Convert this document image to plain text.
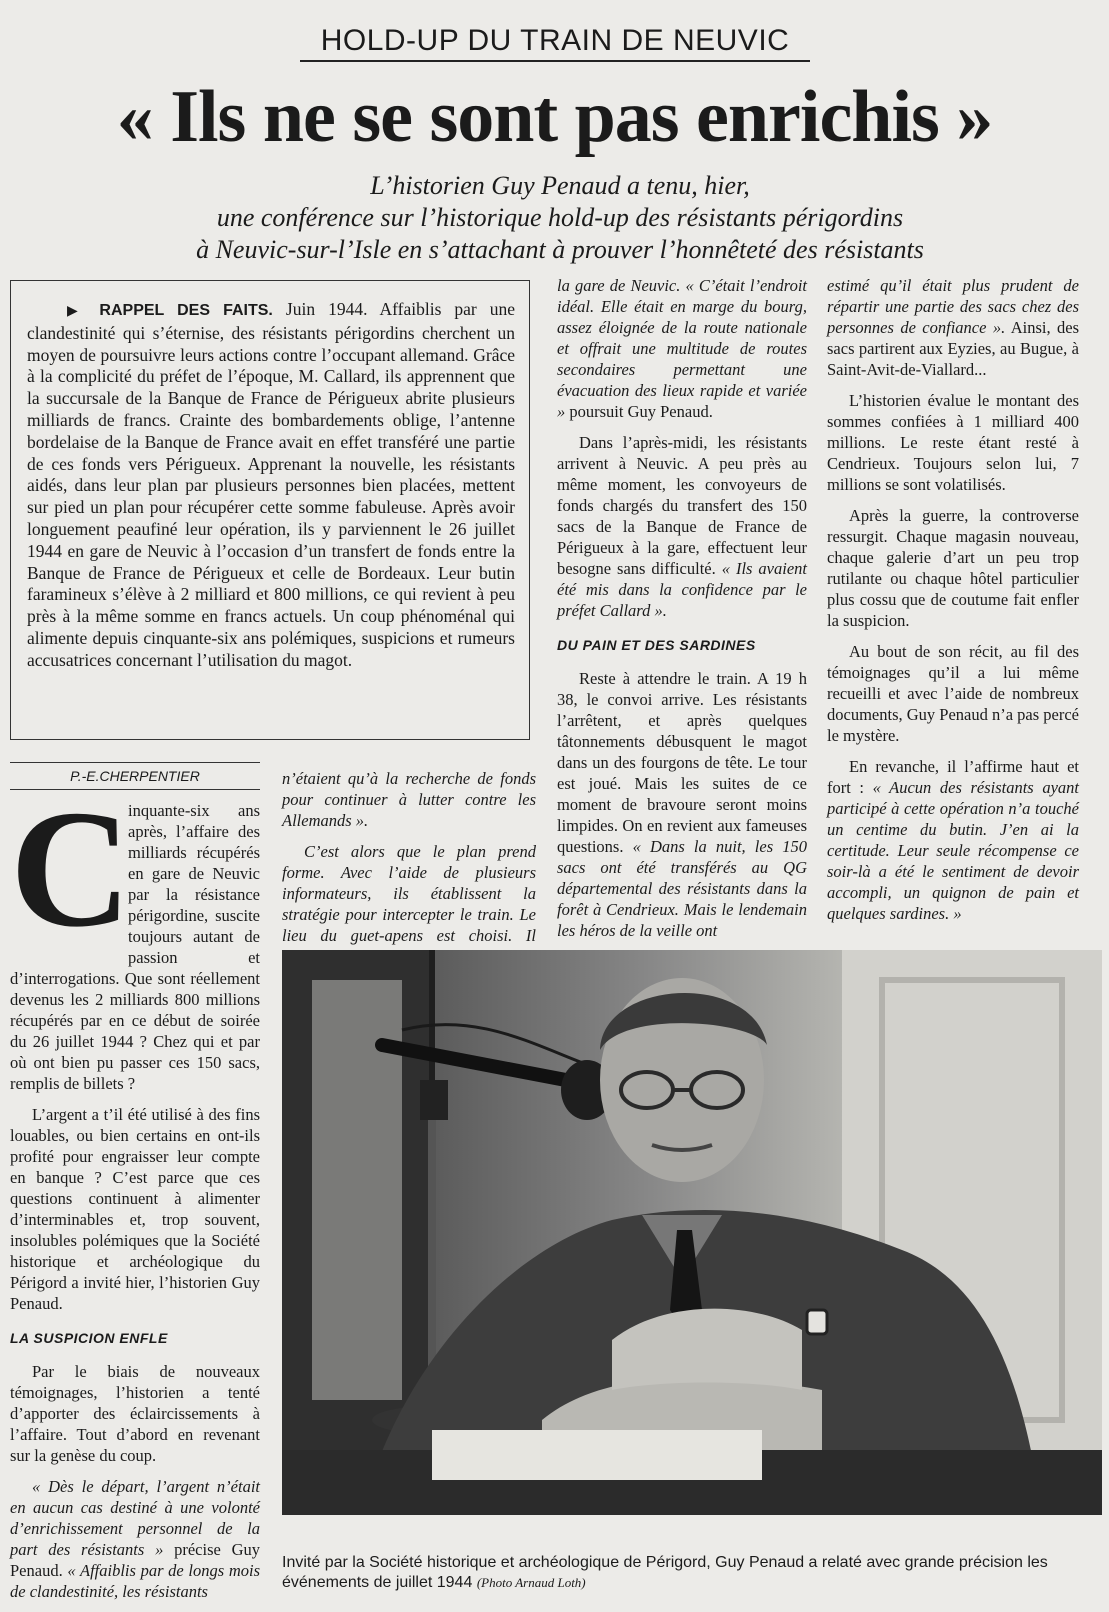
HOLD-UP DU TRAIN DE NEUVIC
« Ils ne se sont pas enrichis »
L’historien Guy Penaud a tenu, hier,
une conférence sur l’historique hold-up des résistants périgordins
à Neuvic-sur-l’Isle en s’attachant à prouver l’honnêteté des résistants
▶ RAPPEL DES FAITS. Juin 1944. Affaiblis par une clandestinité qui s’éternise, des résistants périgordins cherchent un moyen de poursuivre leurs actions contre l’occupant allemand. Grâce à la complicité du préfet de l’époque, M. Callard, ils apprennent que la succursale de la Banque de France de Périgueux abrite plusieurs milliards de francs. Crainte des bombardements oblige, l’antenne bordelaise de la Banque de France avait en effet transféré une partie de ces fonds vers Périgueux. Apprenant la nouvelle, les résistants aidés, dans leur plan par plusieurs personnes bien placées, mettent sur pied un plan pour récupérer cette somme fabuleuse. Après avoir longuement peaufiné leur opération, ils y parviennent le 26 juillet 1944 en gare de Neuvic à l’occasion d’un transfert de fonds entre la Banque de France de Périgueux et celle de Bordeaux. Leur butin faramineux s’élève à 2 milliard et 800 millions, ce qui revient à peu près à la même somme en francs actuels. Un coup phénoménal qui alimente depuis cinquante-six ans polémiques, suspicions et rumeurs accusatrices concernant l’utilisation du magot.
P.-E.CHERPENTIER
C

inquante-six ans après, l’affaire des milliards récupérés en gare de Neuvic par la résistance périgordine, suscite toujours autant de passion et d’interrogations. Que sont réellement devenus les 2 milliards 800 millions récupérés par en ce début de soirée du 26 juillet 1944 ? Chez qui et par où ont bien pu passer ces 150 sacs, remplis de billets ?

L’argent a t’il été utilisé à des fins louables, ou bien certains en ont-ils profité pour engraisser leur compte en banque ? C’est parce que ces questions continuent à alimenter d’interminables et, trop souvent, insolubles polémiques que la Société historique et archéologique du Périgord a invité hier, l’historien Guy Penaud.

LA SUSPICION ENFLE

Par le biais de nouveaux témoignages, l’historien a tenté d’apporter des éclaircissements à l’affaire. Tout d’abord en revenant sur la genèse du coup.

« Dès le départ, l’argent n’était en aucun cas destiné à une volonté d’enrichissement personnel de la part des résistants » précise Guy Penaud. « Affaiblis par de longs mois de clandestinité, les résistants

n’étaient qu’à la recherche de fonds pour continuer à lutter contre les Allemands ».

C’est alors que le plan prend forme. Avec l’aide de plusieurs informateurs, ils établissent la stratégie pour intercepter le train. Le lieu du guet-apens est choisi. Il

la gare de Neuvic. « C’était l’endroit idéal. Elle était en marge du bourg, assez éloignée de la route nationale et offrait une multitude de routes secondaires permettant une évacuation des lieux rapide et variée » poursuit Guy Penaud.

Dans l’après-midi, les résistants arrivent à Neuvic. A peu près au même moment, les convoyeurs de fonds chargés du transfert des 150 sacs de la Banque de France de Périgueux à la gare, effectuent leur besogne sans difficulté. « Ils avaient été mis dans la confidence par le préfet Callard ».

DU PAIN ET DES SARDINES

Reste à attendre le train. A 19 h 38, le convoi arrive. Les résistants l’arrêtent, et après quelques tâtonnements débusquent le magot dans un des fourgons de tête. Le tour est joué. Mais les suites de ce moment de bravoure seront moins limpides. On en revient aux fameuses questions. « Dans la nuit, les 150 sacs ont été transférés au QG départemental des résistants dans la forêt à Cendrieux. Mais le lendemain les héros de la veille ont

estimé qu’il était plus prudent de répartir une partie des sacs chez des personnes de confiance ». Ainsi, des sacs partirent aux Eyzies, au Bugue, à Saint-Avit-de-Viallard...

L’historien évalue le montant des sommes confiées à 1 milliard 400 millions. Le reste étant resté à Cendrieux. Toujours selon lui, 7 millions se sont volatilisés.

Après la guerre, la controverse ressurgit. Chaque magasin nouveau, chaque galerie d’art un peu trop rutilante ou chaque hôtel particulier plus cossu que de coutume fait enfler la suspicion.

Au bout de son récit, au fil des témoignages qu’il a lui même recueilli et avec l’aide de nombreux documents, Guy Penaud n’a pas percé le mystère.

En revanche, il l’affirme haut et fort : « Aucun des résistants ayant participé à cette opération n’a touché un centime du butin. J’en ai la certitude. Leur seule récompense ce soir-là a été le sentiment de devoir accompli, un quignon de pain et quelques sardines. »

Invité par la Société historique et archéologique de Périgord, Guy Penaud a relaté avec grande précision les événements de juillet 1944 (Photo Arnaud Loth)
